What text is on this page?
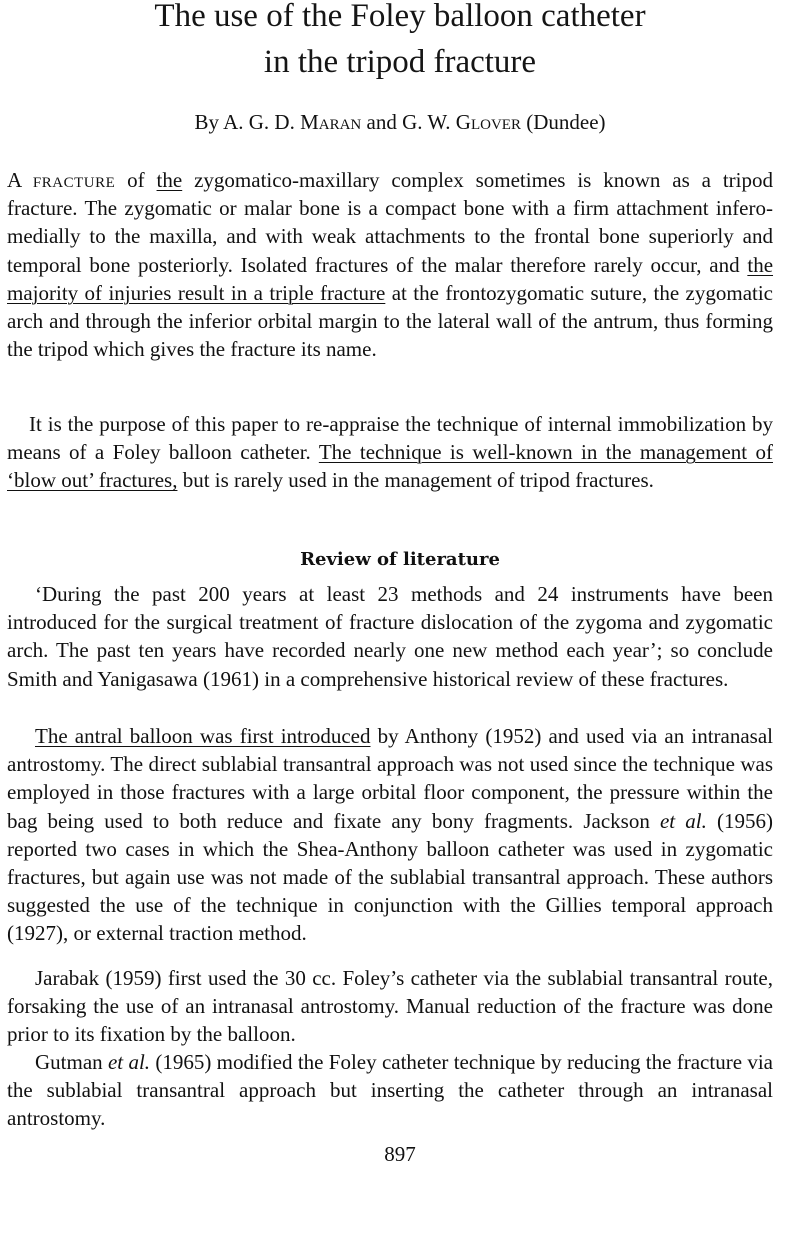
The use of the Foley balloon catheter
in the tripod fracture
By A. G. D. Maran and G. W. Glover (Dundee)

A fracture of the zygomatico-maxillary complex sometimes is known as a tripod fracture. The zygomatic or malar bone is a compact bone with a firm attachment infero-medially to the maxilla, and with weak attachments to the frontal bone superiorly and temporal bone posteriorly. Isolated fractures of the malar therefore rarely occur, and the majority of injuries result in a triple fracture at the frontozygomatic suture, the zygomatic arch and through the inferior orbital margin to the lateral wall of the antrum, thus forming the tripod which gives the fracture its name.

It is the purpose of this paper to re-appraise the technique of internal immobilization by means of a Foley balloon catheter. The technique is well-known in the management of ‘blow out’ fractures, but is rarely used in the management of tripod fractures.

Review of literature

‘During the past 200 years at least 23 methods and 24 instruments have been introduced for the surgical treatment of fracture dislocation of the zygoma and zygomatic arch. The past ten years have recorded nearly one new method each year’; so conclude Smith and Yanigasawa (1961) in a comprehensive historical review of these fractures.

The antral balloon was first introduced by Anthony (1952) and used via an intranasal antrostomy. The direct sublabial transantral approach was not used since the technique was employed in those fractures with a large orbital floor component, the pressure within the bag being used to both reduce and fixate any bony fragments. Jackson et al. (1956) reported two cases in which the Shea-Anthony balloon catheter was used in zygomatic fractures, but again use was not made of the sublabial transantral approach. These authors suggested the use of the technique in conjunction with the Gillies temporal approach (1927), or external traction method.

Jarabak (1959) first used the 30 cc. Foley’s catheter via the sublabial transantral route, forsaking the use of an intranasal antrostomy. Manual reduction of the fracture was done prior to its fixation by the balloon.

Gutman et al. (1965) modified the Foley catheter technique by reducing the fracture via the sublabial transantral approach but inserting the catheter through an intranasal antrostomy.

897
